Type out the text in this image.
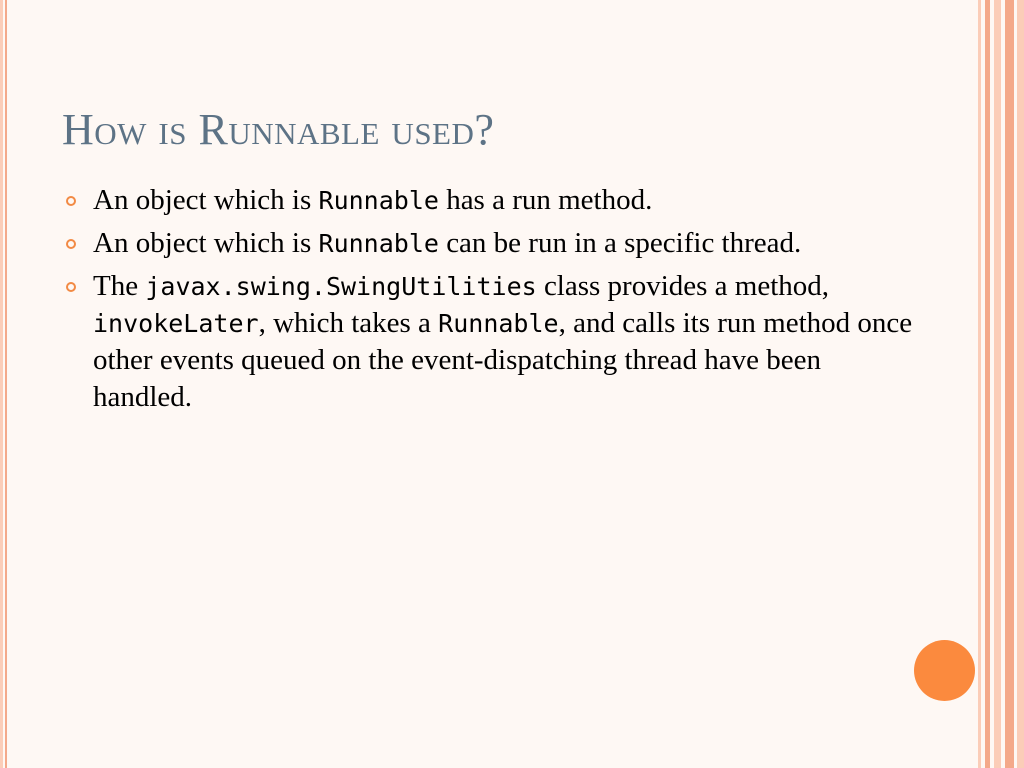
How is Runnable used?
An object which is Runnable has a run method.
An object which is Runnable can be run in a specific thread.
The javax.swing.SwingUtilities class provides a method, invokeLater, which takes a Runnable, and calls its run method once other events queued on the event-dispatching thread have been handled.
